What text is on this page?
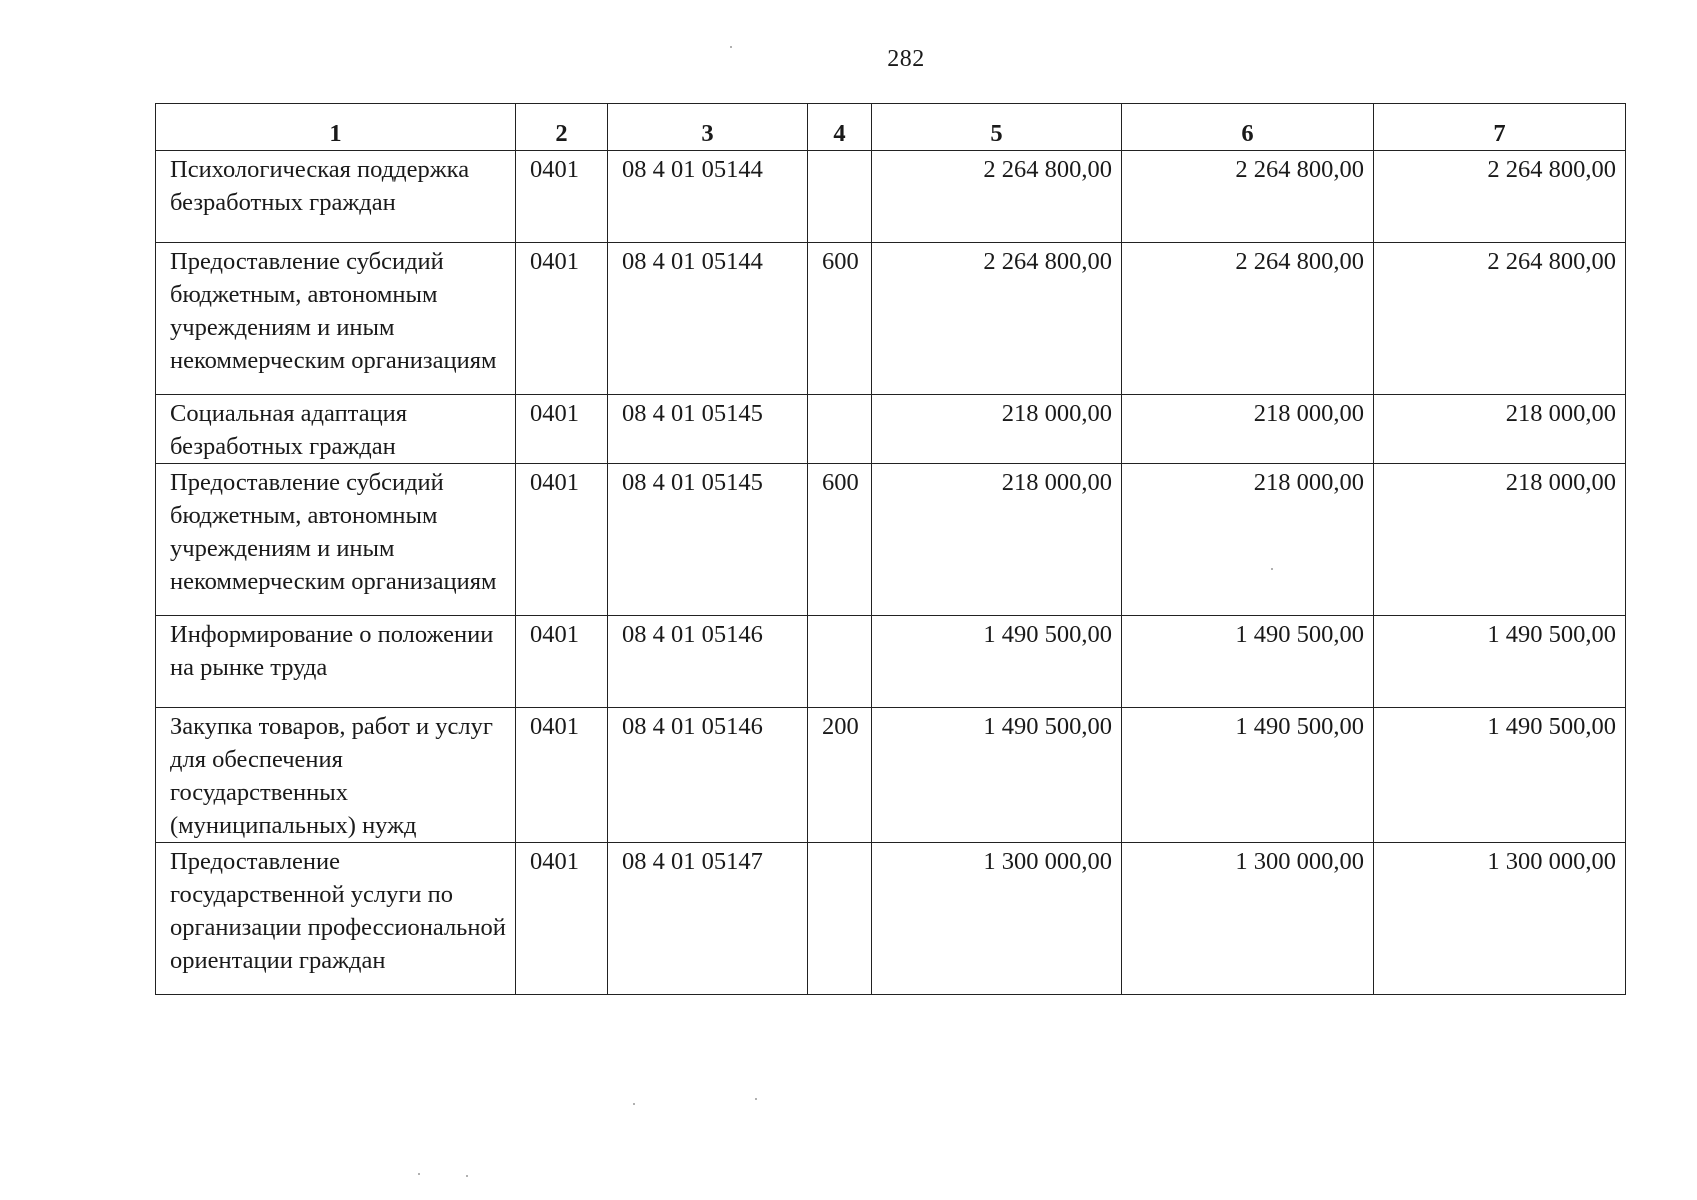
282
1	2	3	4	5	6	7
Психологическая поддержка безработных граждан	0401	08 4 01 05144		2 264 800,00	2 264 800,00	2 264 800,00
Предоставление субсидий бюджетным, автономным учреждениям и иным некоммерческим организациям	0401	08 4 01 05144	600	2 264 800,00	2 264 800,00	2 264 800,00
Социальная адаптация безработных граждан	0401	08 4 01 05145		218 000,00	218 000,00	218 000,00
Предоставление субсидий бюджетным, автономным учреждениям и иным некоммерческим организациям	0401	08 4 01 05145	600	218 000,00	218 000,00	218 000,00
Информирование о положении на рынке труда	0401	08 4 01 05146		1 490 500,00	1 490 500,00	1 490 500,00
Закупка товаров, работ и услуг для обеспечения государственных (муниципальных) нужд	0401	08 4 01 05146	200	1 490 500,00	1 490 500,00	1 490 500,00
Предоставление государственной услуги по организации профессиональной ориентации граждан	0401	08 4 01 05147		1 300 000,00	1 300 000,00	1 300 000,00
